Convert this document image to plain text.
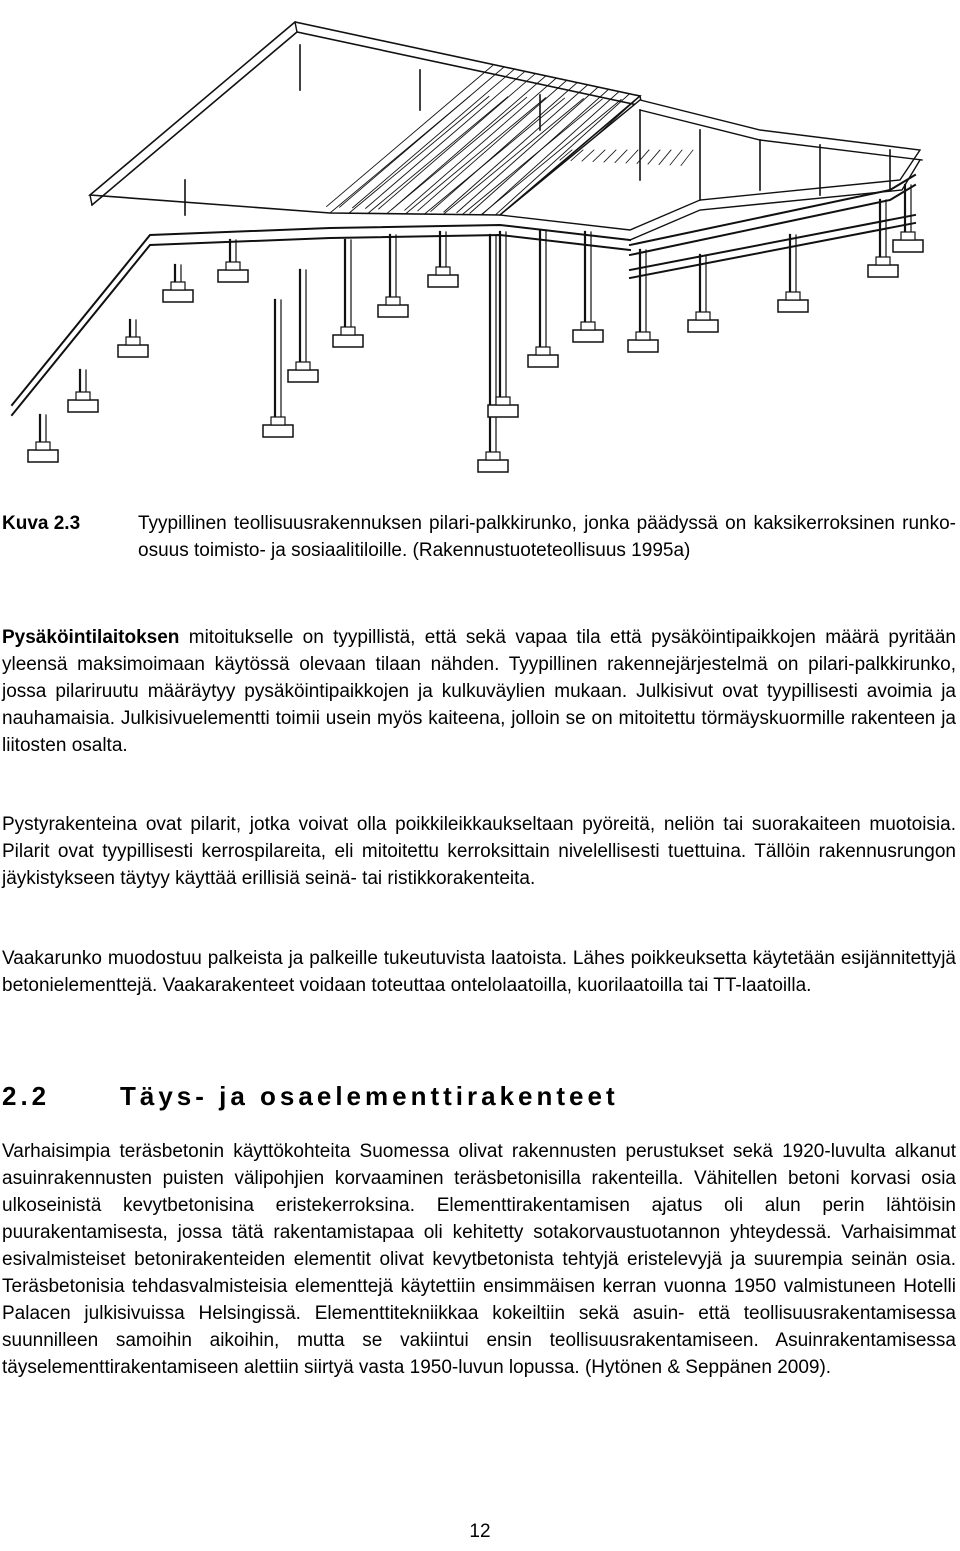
Kuva 2.3	Tyypillinen teollisuusrakennuksen pilari-palkkirunko, jonka päädyssä on kaksikerroksinen runko-osuus toimisto- ja sosiaalitiloille. (Rakennustuoteteollisuus 1995a)

Pysäköintilaitoksen mitoitukselle on tyypillistä, että sekä vapaa tila että pysäköintipaikkojen määrä pyritään yleensä maksimoimaan käytössä olevaan tilaan nähden. Tyypillinen rakennejärjestelmä on pilari-palkkirunko, jossa pilariruutu määräytyy pysäköintipaikkojen ja kulkuväylien mukaan. Julkisivut ovat tyypillisesti avoimia ja nauhamaisia. Julkisivuelementti toimii usein myös kaiteena, jolloin se on mitoitettu törmäyskuormille rakenteen ja liitosten osalta.

Pystyrakenteina ovat pilarit, jotka voivat olla poikkileikkaukseltaan pyöreitä, neliön tai suorakaiteen muotoisia. Pilarit ovat tyypillisesti kerrospilareita, eli mitoitettu kerroksittain nivelellisesti tuettuina. Tällöin rakennusrungon jäykistykseen täytyy käyttää erillisiä seinä- tai ristikkorakenteita.

Vaakarunko muodostuu palkeista ja palkeille tukeutuvista laatoista. Lähes poikkeuksetta käytetään esijännitettyjä betonielementtejä. Vaakarakenteet voidaan toteuttaa ontelolaatoilla, kuorilaatoilla tai TT-laatoilla.

2.2	Täys- ja osaelementtirakenteet

Varhaisimpia teräsbetonin käyttökohteita Suomessa olivat rakennusten perustukset sekä 1920-luvulta alkanut asuinrakennusten puisten välipohjien korvaaminen teräsbetonisilla rakenteilla. Vähitellen betoni korvasi osia ulkoseinistä kevytbetonisina eristekerroksina. Elementtirakentamisen ajatus oli alun perin lähtöisin puurakentamisesta, jossa tätä rakentamistapaa oli kehitetty sotakorvaustuotannon yhteydessä. Varhaisimmat esivalmisteiset betonirakenteiden elementit olivat kevytbetonista tehtyjä eristelevyjä ja suurempia seinän osia. Teräsbetonisia tehdasvalmisteisia elementtejä käytettiin ensimmäisen kerran vuonna 1950 valmistuneen Hotelli Palacen julkisivuissa Helsingissä. Elementtitekniikkaa kokeiltiin sekä asuin- että teollisuusrakentamisessa suunnilleen samoihin aikoihin, mutta se vakiintui ensin teollisuusrakentamiseen. Asuinrakentamisessa täyselementtirakentamiseen alettiin siirtyä vasta 1950-luvun lopussa. (Hytönen & Seppänen 2009).

12
